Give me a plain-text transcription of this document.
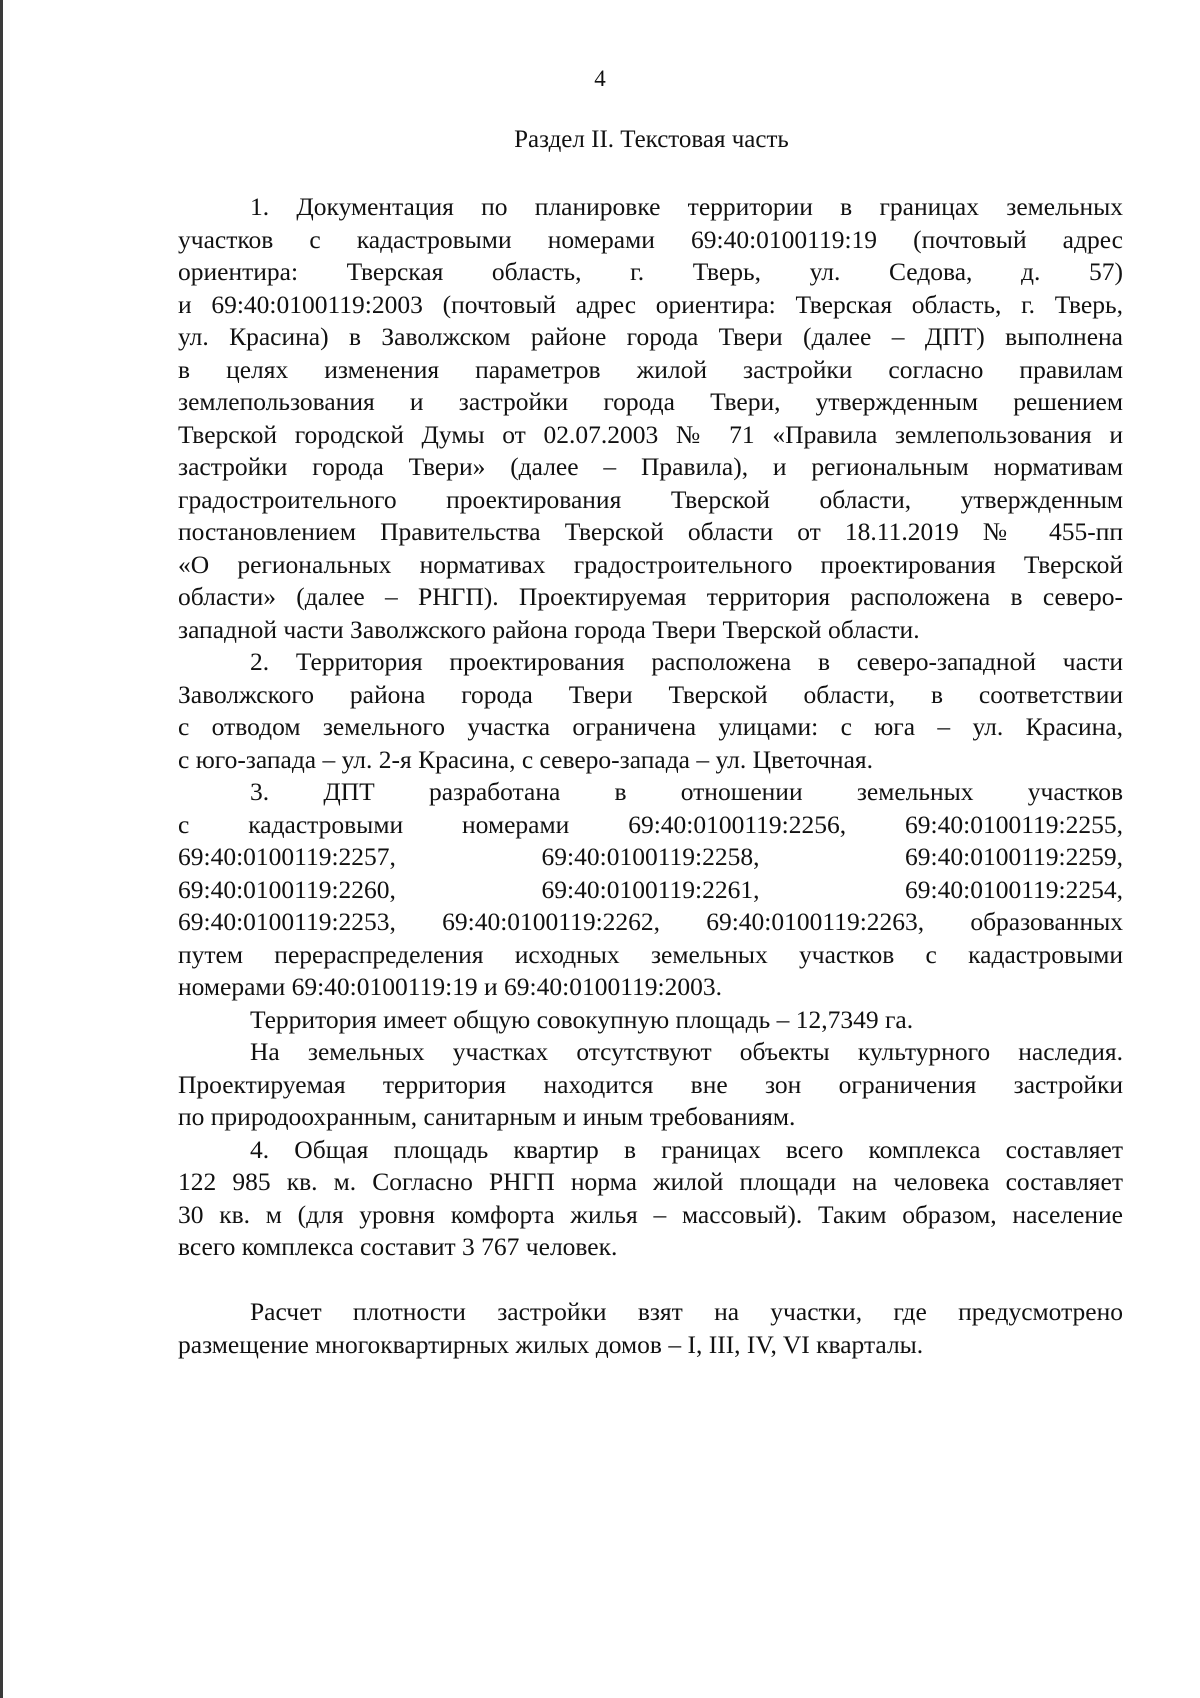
4
Раздел II. Текстовая часть
1. Документация по планировке территории в границах земельных
участков с кадастровыми номерами 69:40:0100119:19 (почтовый адрес
ориентира: Тверская область, г. Тверь, ул. Седова, д. 57)
и 69:40:0100119:2003 (почтовый адрес ориентира: Тверская область, г. Тверь,
ул. Красина) в Заволжском районе города Твери (далее – ДПТ) выполнена
в целях изменения параметров жилой застройки согласно правилам
землепользования и застройки города Твери, утвержденным решением
Тверской городской Думы от 02.07.2003 № 71 «Правила землепользования и
застройки города Твери» (далее – Правила), и региональным нормативам
градостроительного проектирования Тверской области, утвержденным
постановлением Правительства Тверской области от 18.11.2019 № 455-пп
«О региональных нормативах градостроительного проектирования Тверской
области» (далее – РНГП). Проектируемая территория расположена в северо-
западной части Заволжского района города Твери Тверской области.
2. Территория проектирования расположена в северо-западной части
Заволжского района города Твери Тверской области, в соответствии
с отводом земельного участка ограничена улицами: с юга – ул. Красина,
с юго-запада – ул. 2-я Красина, с северо-запада – ул. Цветочная.
3. ДПТ разработана в отношении земельных участков
с кадастровыми номерами 69:40:0100119:2256, 69:40:0100119:2255,
69:40:0100119:2257, 69:40:0100119:2258, 69:40:0100119:2259,
69:40:0100119:2260, 69:40:0100119:2261, 69:40:0100119:2254,
69:40:0100119:2253, 69:40:0100119:2262, 69:40:0100119:2263, образованных
путем перераспределения исходных земельных участков с кадастровыми
номерами 69:40:0100119:19 и 69:40:0100119:2003.
Территория имеет общую совокупную площадь – 12,7349 га.
На земельных участках отсутствуют объекты культурного наследия.
Проектируемая территория находится вне зон ограничения застройки
по природоохранным, санитарным и иным требованиям.
4. Общая площадь квартир в границах всего комплекса составляет
122 985 кв. м. Согласно РНГП норма жилой площади на человека составляет
30 кв. м (для уровня комфорта жилья – массовый). Таким образом, население
всего комплекса составит 3 767 человек.
Расчет плотности застройки взят на участки, где предусмотрено
размещение многоквартирных жилых домов – I, III, IV, VI кварталы.
